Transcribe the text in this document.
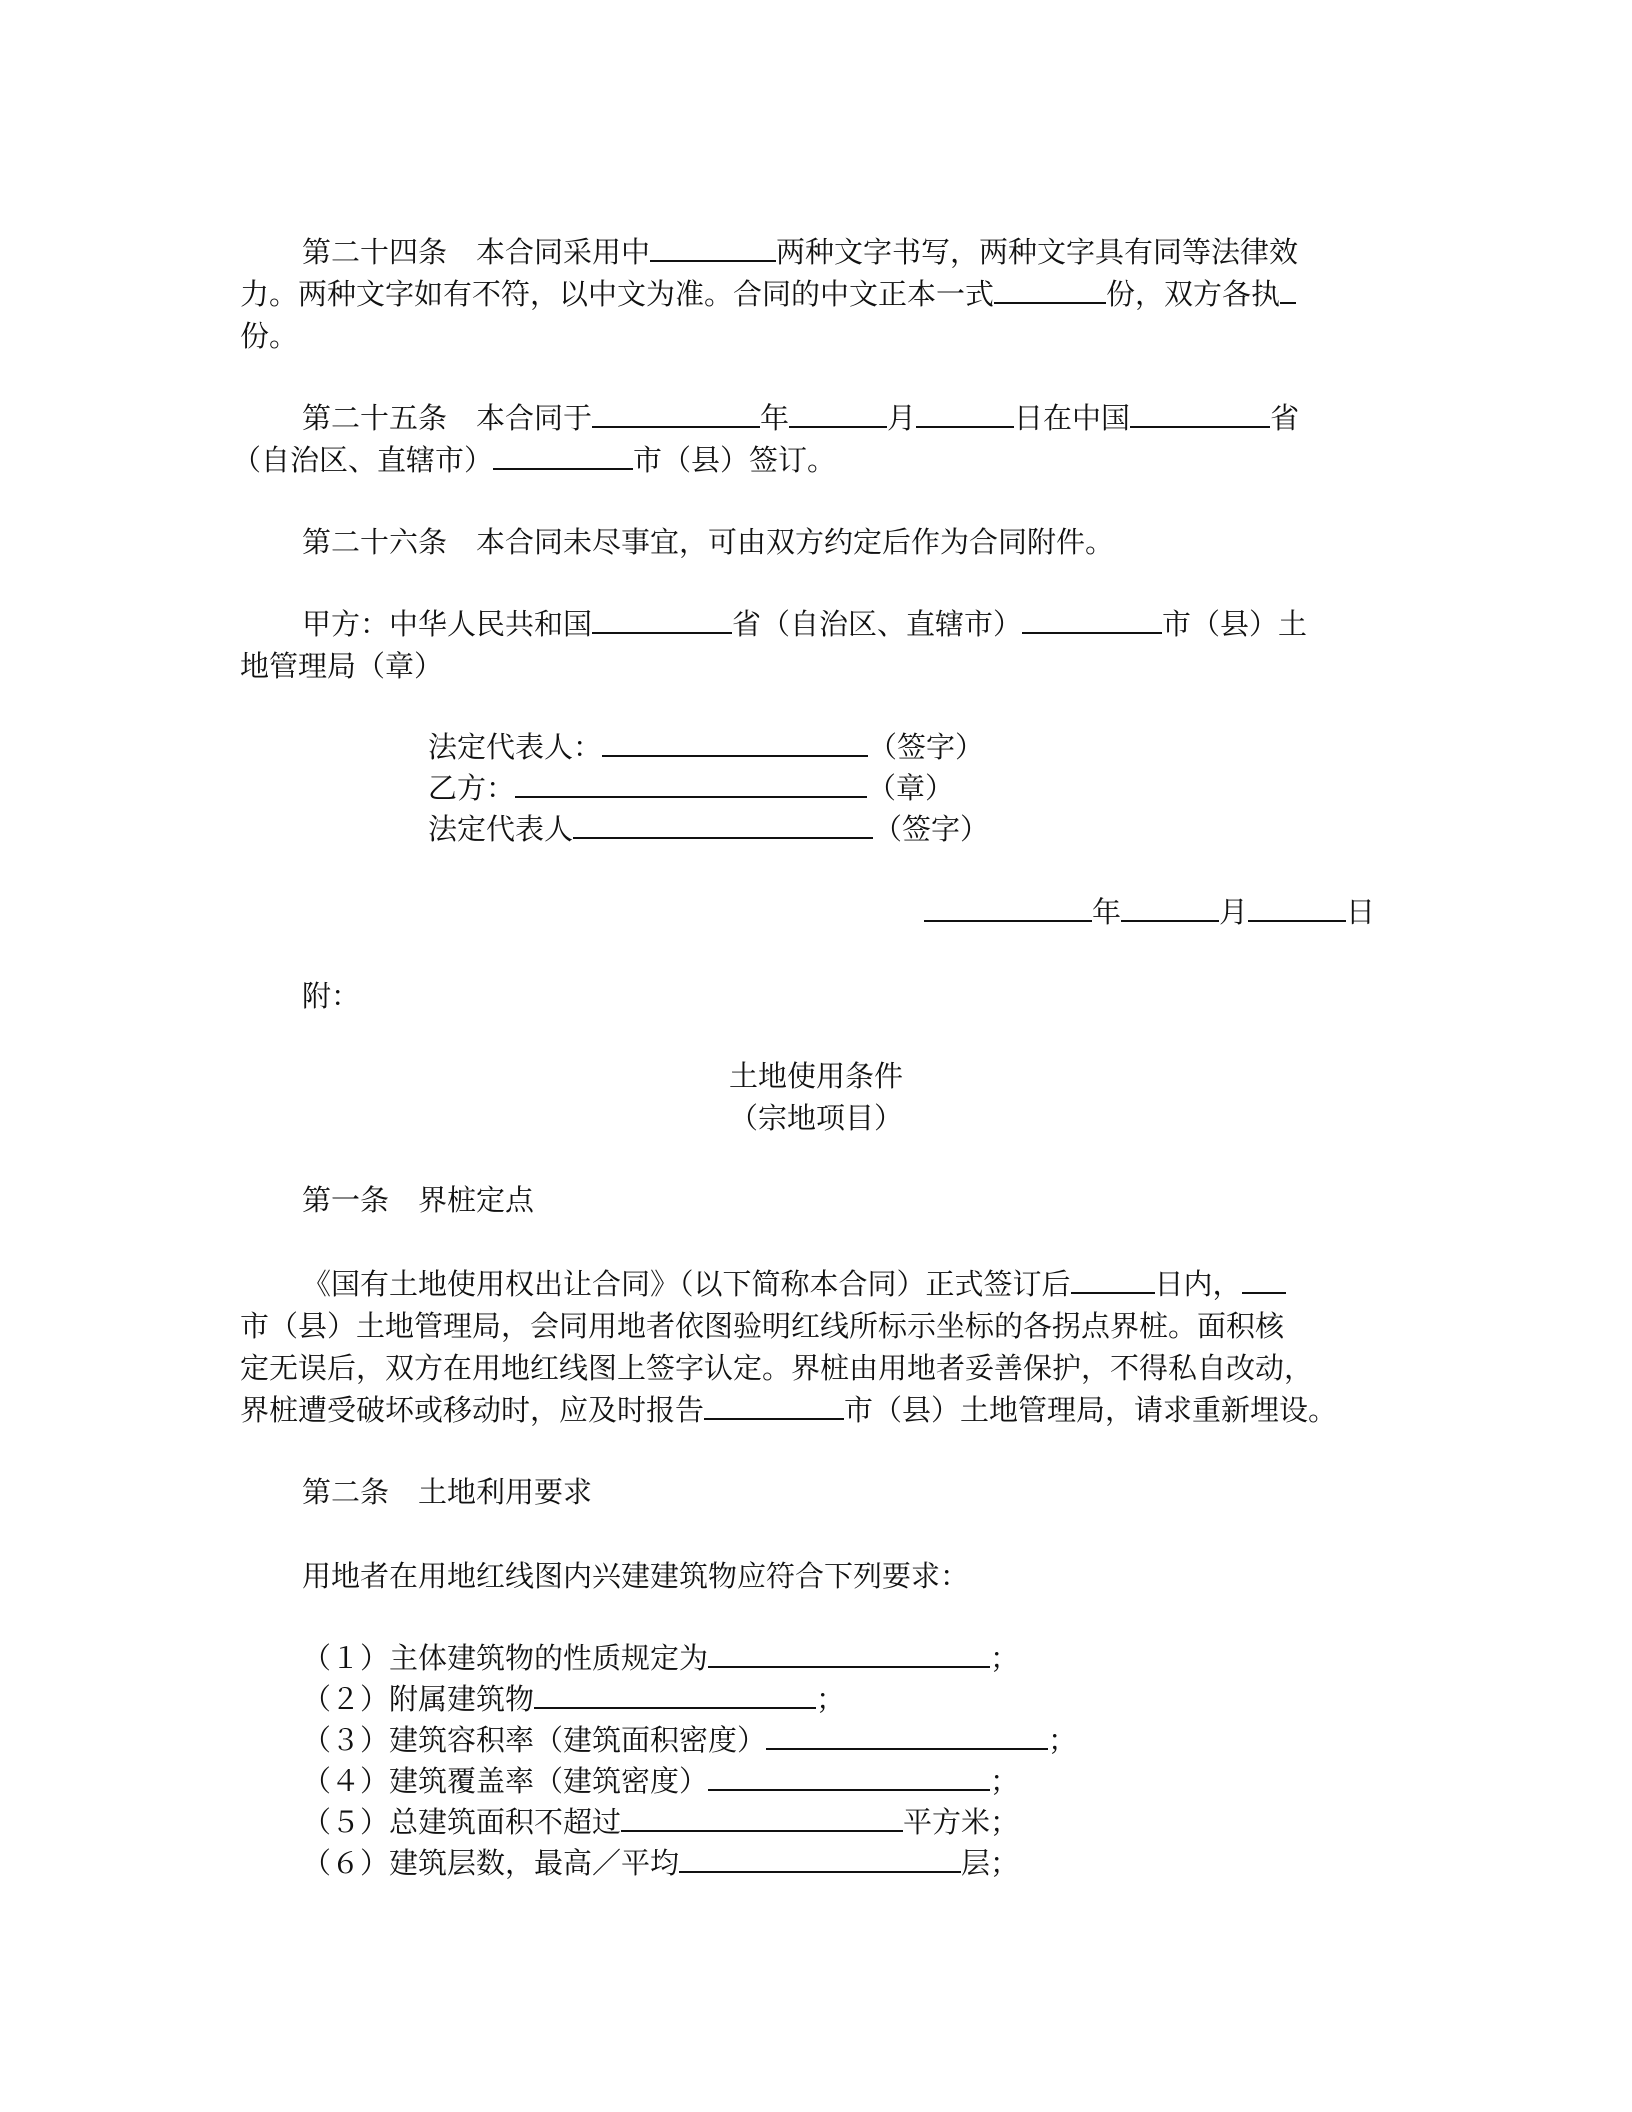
第二十四条　本合同采用中	两种文字书写，两种文字具有同等法律效
力。两种文字如有不符，以中文为准。合同的中文正本一式	份，双方各执
份。
第二十五条　本合同于	年	月	日在中国	省
（自治区、直辖市）	市（县）签订。
第二十六条　本合同未尽事宜，可由双方约定后作为合同附件。
甲方：中华人民共和国	省（自治区、直辖市）	市（县）土
地管理局（章）
法定代表人：	（签字）
乙方：	（章）
法定代表人	（签字）
年	月	日
附：
土地使用条件
（宗地项目）
第一条　界桩定点
《国有土地使用权出让合同》（以下简称本合同）正式签订后	日内，
市（县）土地管理局，会同用地者依图验明红线所标示坐标的各拐点界桩。面积核
定无误后，双方在用地红线图上签字认定。界桩由用地者妥善保护，不得私自改动，
界桩遭受破坏或移动时，应及时报告	市（县）土地管理局，请求重新埋设。
第二条　土地利用要求
用地者在用地红线图内兴建建筑物应符合下列要求：
（１）主体建筑物的性质规定为	；
（２）附属建筑物	；
（３）建筑容积率（建筑面积密度）	；
（４）建筑覆盖率（建筑密度）	；
（５）总建筑面积不超过	平方米；
（６）建筑层数，最高／平均	层；
